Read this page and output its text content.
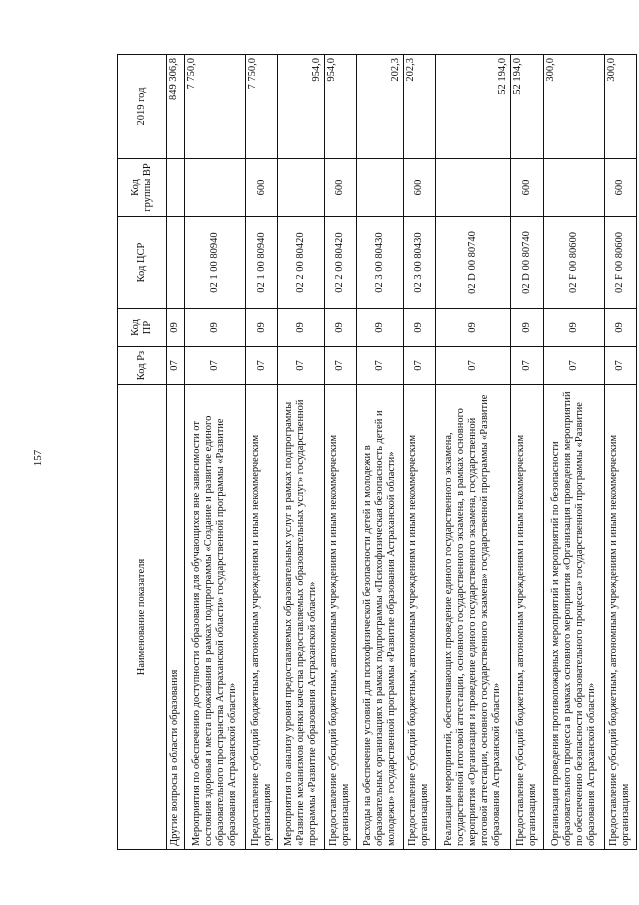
157
Наименование показателя	Код Рз	Код ПР	Код ЦСР	Код группы ВР	2019 год
Другие вопросы в области образования	07	09			849 306,8
Мероприятия по обеспечению доступности образования для обучающихся вне зависимости от состояния здоровья и места проживания в рамках подпрограммы «Создание и развитие единого образовательного пространства Астраханской области» государственной программы «Развитие образования Астраханской области»	07	09	02 1 00 80940		7 750,0
Предоставление субсидий бюджетным, автономным учреждениям и иным некоммерческим организациям	07	09	02 1 00 80940	600	7 750,0
Мероприятия по анализу уровня предоставляемых образовательных услуг в рамках подпрограммы «Развитие механизмов оценки качества предоставляемых образовательных услуг» государственной программы «Развитие образования Астраханской области»	07	09	02 2 00 80420		954,0
Предоставление субсидий бюджетным, автономным учреждениям и иным некоммерческим организациям	07	09	02 2 00 80420	600	954,0
Расходы на обеспечение условий для психофизической безопасности детей и молодежи в образовательных организациях в рамках подпрограммы «Психофизическая безопасность детей и молодежи» государственной программы «Развитие образования Астраханской области»	07	09	02 3 00 80430		202,3
Предоставление субсидий бюджетным, автономным учреждениям и иным некоммерческим организациям	07	09	02 3 00 80430	600	202,3
Реализация мероприятий, обеспечивающих проведение единого государственного экзамена, государственной итоговой аттестации, основного государственного экзамена, в рамках основного мероприятия «Организация и проведение единого государственного экзамена, государственной итоговой аттестации, основного государственного экзамена» государственной программы «Развитие образования Астраханской области»	07	09	02 D 00 80740		52 194,0
Предоставление субсидий бюджетным, автономным учреждениям и иным некоммерческим организациям	07	09	02 D 00 80740	600	52 194,0
Организация проведения противопожарных мероприятий и мероприятий по безопасности образовательного процесса в рамках основного мероприятия «Организация проведения мероприятий по обеспечению безопасности образовательного процесса» государственной программы «Развитие образования Астраханской области»	07	09	02 F 00 80600		300,0
Предоставление субсидий бюджетным, автономным учреждениям и иным некоммерческим организациям	07	09	02 F 00 80600	600	300,0
